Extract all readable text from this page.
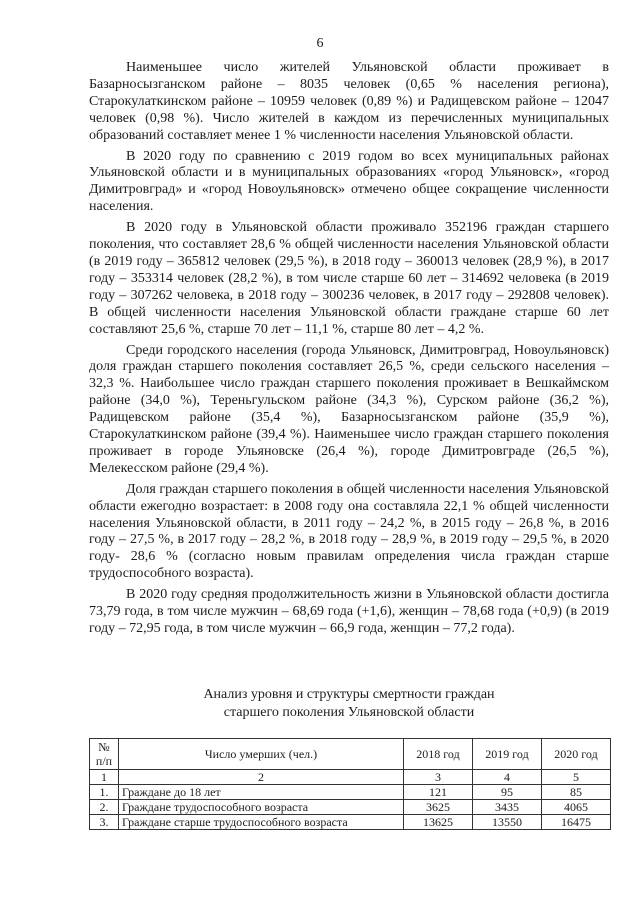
6

Наименьшее число жителей Ульяновской области проживает в Базарносызганском районе – 8035 человек (0,65 % населения региона), Старокулаткинском районе – 10959 человек (0,89 %) и Радищевском районе – 12047 человек (0,98 %). Число жителей в каждом из перечисленных муниципальных образований составляет менее 1 % численности населения Ульяновской области.

В 2020 году по сравнению с 2019 годом во всех муниципальных районах Ульяновской области и в муниципальных образованиях «город Ульяновск», «город Димитровград» и «город Новоульяновск» отмечено общее сокращение численности населения.

В 2020 году в Ульяновской области проживало 352196 граждан старшего поколения, что составляет 28,6 % общей численности населения Ульяновской области (в 2019 году – 365812 человек (29,5 %), в 2018 году – 360013 человек (28,9 %), в 2017 году – 353314 человек (28,2 %), в том числе старше 60 лет – 314692 человека (в 2019 году – 307262 человека, в 2018 году – 300236 человек, в 2017 году – 292808 человек). В общей численности населения Ульяновской области граждане старше 60 лет составляют 25,6 %, старше 70 лет – 11,1 %, старше 80 лет – 4,2 %.

Среди городского населения (города Ульяновск, Димитровград, Новоульяновск) доля граждан старшего поколения составляет 26,5 %, среди сельского населения – 32,3 %. Наибольшее число граждан старшего поколения проживает в Вешкаймском районе (34,0 %), Тереньгульском районе (34,3 %), Сурском районе (36,2 %), Радищевском районе (35,4 %), Базарносызганском районе (35,9 %), Старокулаткинском районе (39,4 %). Наименьшее число граждан старшего поколения проживает в городе Ульяновске (26,4 %), городе Димитровграде (26,5 %), Мелекесском районе (29,4 %).

Доля граждан старшего поколения в общей численности населения Ульяновской области ежегодно возрастает: в 2008 году она составляла 22,1 % общей численности населения Ульяновской области, в 2011 году – 24,2 %, в 2015 году – 26,8 %, в 2016 году – 27,5 %, в 2017 году – 28,2 %, в 2018 году – 28,9 %, в 2019 году – 29,5 %, в 2020 году- 28,6 % (согласно новым правилам определения числа граждан старше трудоспособного возраста).

В 2020 году средняя продолжительность жизни в Ульяновской области достигла 73,79 года, в том числе мужчин – 68,69 года (+1,6), женщин – 78,68 года (+0,9) (в 2019 году – 72,95 года, в том числе мужчин – 66,9 года, женщин – 77,2 года).

Анализ уровня и структуры смертности граждан
старшего поколения Ульяновской области
№ п/п	Число умерших (чел.)	2018 год	2019 год	2020 год
1	2	3	4	5
1.	Граждане до 18 лет	121	95	85
2.	Граждане трудоспособного возраста	3625	3435	4065
3.	Граждане старше трудоспособного возраста	13625	13550	16475
